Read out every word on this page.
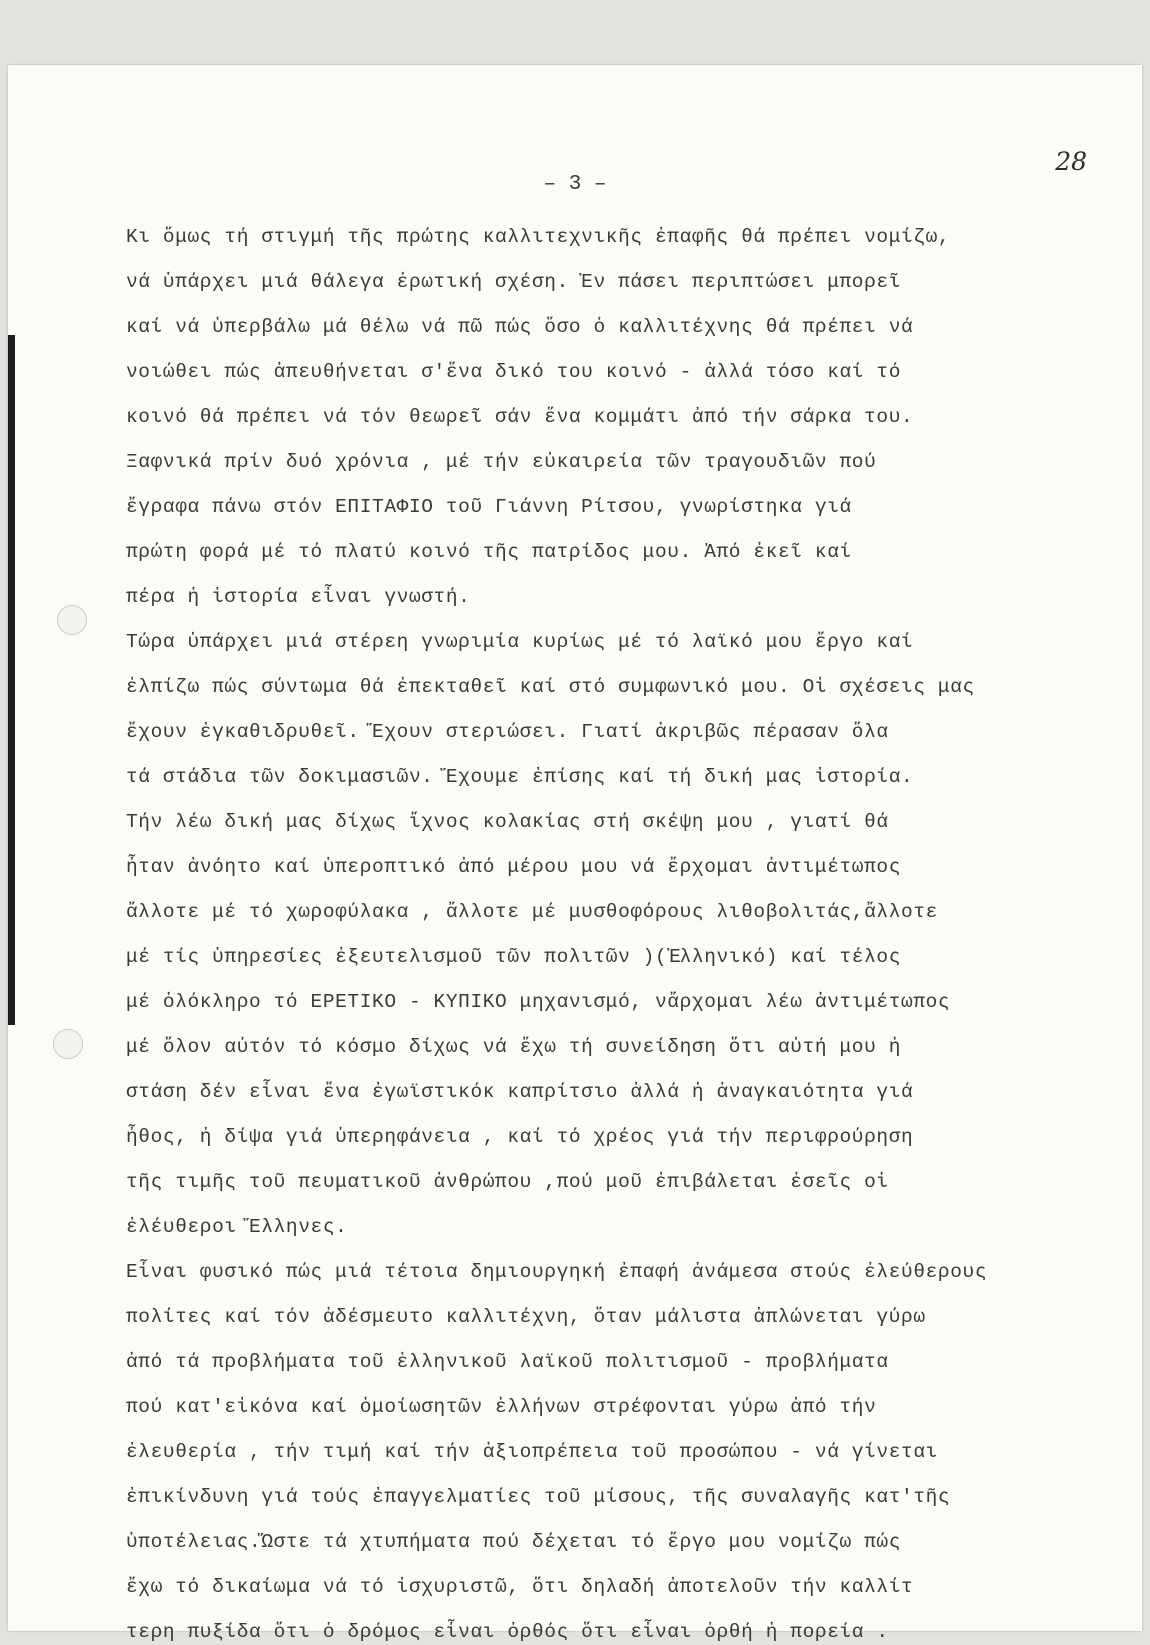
28
– 3 –
Κι ὅμως τή στιγμή τῆς πρώτης καλλιτεχνικῆς ἐπαφῆς θά πρέπει νομίζω,
νά ὑπάρχει μιά θάλεγα ἐρωτική σχέση. Ἐν πάσει περιπτώσει μπορεῖ
καί νά ὑπερβάλω μά θέλω νά πῶ πώς ὅσο ὁ καλλιτέχνης θά πρέπει νά
νοιώθει πώς ἀπευθήνεται σ'ἕνα δικό του κοινό - ἀλλά τόσο καί τό
κοινό θά πρέπει νά τόν θεωρεῖ σάν ἕνα κομμάτι ἀπό τήν σάρκα του.
Ξαφνικά πρίν δυό χρόνια , μέ τήν εὐκαιρεία τῶν τραγουδιῶν πού
ἔγραφα πάνω στόν ΕΠΙΤΑΦΙΟ τοῦ Γιάννη Ρίτσου, γνωρίστηκα γιά
πρώτη φορά μέ τό πλατύ κοινό τῆς πατρίδος μου. Ἀπό ἐκεῖ καί
πέρα ἡ ἱστορία εἶναι γνωστή.
Τώρα ὑπάρχει μιά στέρεη γνωριμία κυρίως μέ τό λαϊκό μου ἔργο καί
ἐλπίζω πώς σύντωμα θά ἐπεκταθεῖ καί στό συμφωνικό μου. Οἱ σχέσεις μας
ἔχουν ἐγκαθιδρυθεῖ. Ἔχουν στεριώσει. Γιατί ἀκριβῶς πέρασαν ὅλα
τά στάδια τῶν δοκιμασιῶν. Ἔχουμε ἐπίσης καί τή δική μας ἱστορία.
Τήν λέω δική μας δίχως ἴχνος κολακίας στή σκέψη μου , γιατί θά
ἦταν ἀνόητο καί ὑπεροπτικό ἀπό μέρου μου νά ἔρχομαι ἀντιμέτωπος
ἄλλοτε μέ τό χωροφύλακα , ἄλλοτε μέ μυσθοφόρους λιθοβολιτάς,ἄλλοτε
μέ τίς ὑπηρεσίες ἐξευτελισμοῦ τῶν πολιτῶν )(Ἑλληνικό) καί τέλος
μέ ὁλόκληρο τό ΕΡΕΤΙΚΟ - ΚΥΠΙΚΟ μηχανισμό, νἄρχομαι λέω ἀντιμέτωπος
μέ ὅλον αὐτόν τό κόσμο δίχως νά ἔχω τή συνείδηση ὅτι αὐτή μου ἡ
στάση δέν εἶναι ἕνα ἐγωϊστικόκ καπρίτσιο ἀλλά ἡ ἀναγκαιότητα γιά
ἦθος, ἡ δίψα γιά ὑπερηφάνεια , καί τό χρέος γιά τήν περιφρούρηση
τῆς τιμῆς τοῦ πευματικοῦ ἀνθρώπου ,πού μοῦ ἐπιβάλεται ἐσεῖς οἱ
ἐλέυθεροι Ἕλληνες.
Εἶναι φυσικό πώς μιά τέτοια δημιουργηκή ἐπαφή ἀνάμεσα στούς ἐλεύθερους
πολίτες καί τόν ἀδέσμευτο καλλιτέχνη, ὅταν μάλιστα ἁπλώνεται γύρω
ἀπό τά προβλήματα τοῦ ἑλληνικοῦ λαϊκοῦ πολιτισμοῦ - προβλήματα
πού κατ'εἰκόνα καί ὁμοίωσητῶν ἑλλήνων στρέφονται γύρω ἀπό τήν
ἐλευθερία , τήν τιμή καί τήν ἀξιοπρέπεια τοῦ προσώπου - νά γίνεται
ἐπικίνδυνη γιά τούς ἐπαγγελματίες τοῦ μίσους, τῆς συναλαγῆς κατ'τῆς
ὑποτέλειας.Ὥστε τά χτυπήματα πού δέχεται τό ἔργο μου νομίζω πώς
ἔχω τό δικαίωμα νά τό ἰσχυριστῶ, ὅτι δηλαδή ἀποτελοῦν τήν καλλίτ
τερη πυξίδα ὅτι ὁ δρόμος εἶναι ὀρθός ὅτι εἶναι ὀρθή ἡ πορεία .
